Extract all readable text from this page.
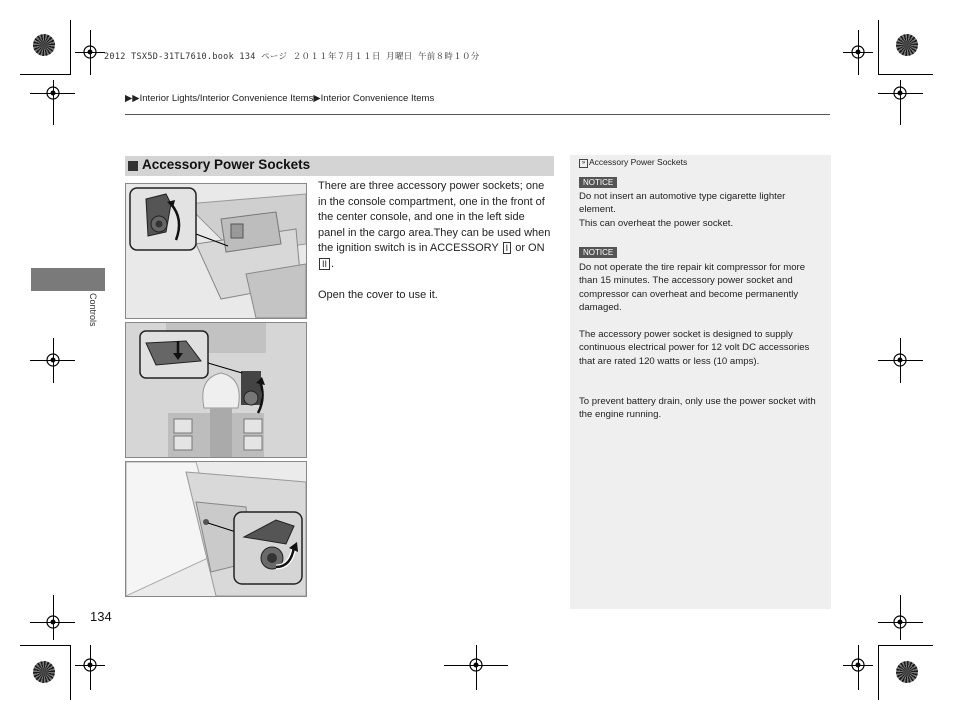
2012 TSX5D-31TL7610.book 134 ページ ２０１１年７月１１日 月曜日 午前８時１０分
▶▶Interior Lights/Interior Convenience Items▶Interior Convenience Items
Controls
Accessory Power Sockets

There are three accessory power sockets; one in the console compartment, one in the front of the center console, and one in the left side panel in the cargo area.They can be used when the ignition switch is in ACCESSORY I or ON II .

Open the cover to use it.

» Accessory Power Sockets
NOTICE
Do not insert an automotive type cigarette lighter element.
This can overheat the power socket.
NOTICE
Do not operate the tire repair kit compressor for more than 15 minutes. The accessory power socket and compressor can overheat and become permanently damaged.
The accessory power socket is designed to supply continuous electrical power for 12 volt DC accessories that are rated 120 watts or less (10 amps).
To prevent battery drain, only use the power socket with the engine running.
134
